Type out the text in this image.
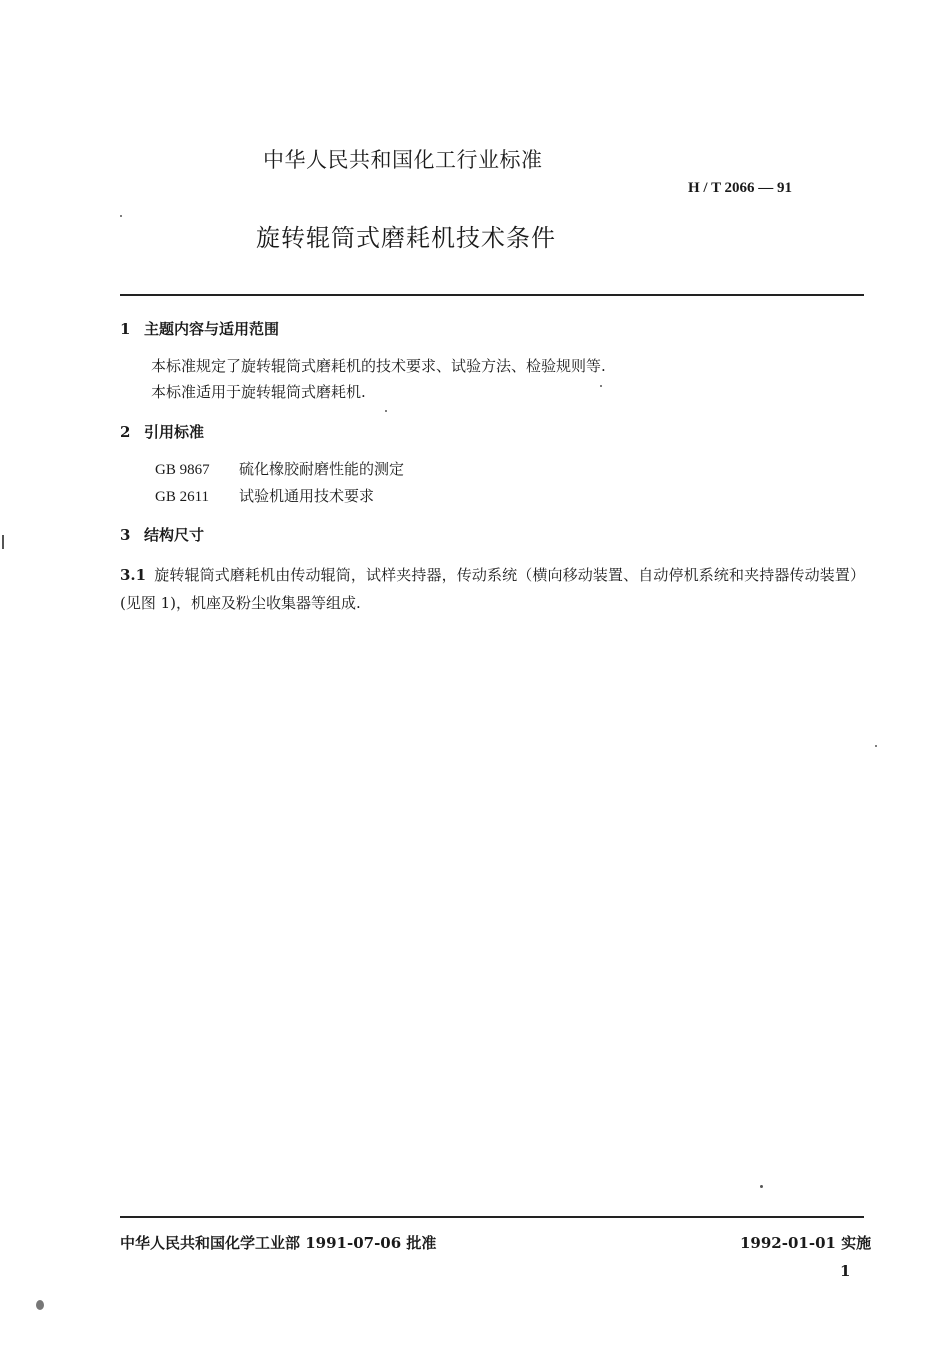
中华人民共和国化工行业标准
H / T 2066 — 91
旋转辊筒式磨耗机技术条件
1 主题内容与适用范围
本标准规定了旋转辊筒式磨耗机的技术要求、试验方法、检验规则等.
本标准适用于旋转辊筒式磨耗机.
2 引用标准
GB 9867 硫化橡胶耐磨性能的测定
GB 2611 试验机通用技术要求
3 结构尺寸
3.1 旋转辊筒式磨耗机由传动辊筒，试样夹持器，传动系统（横向移动装置、自动停机系统和夹持器传动装置）(见图 1)，机座及粉尘收集器等组成.
中华人民共和国化学工业部 1991-07-06 批准	1992-01-01 实施
1
